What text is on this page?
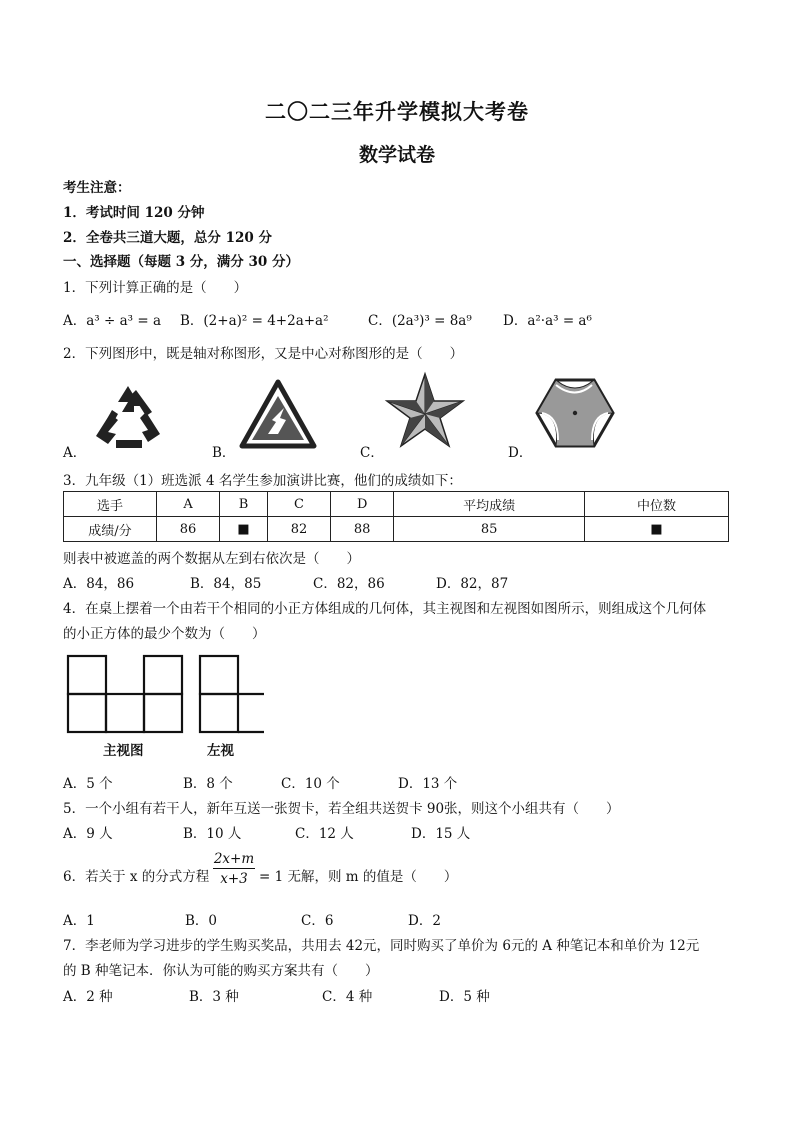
二〇二三年升学模拟大考卷
数学试卷
考生注意：
1．考试时间 120 分钟
2．全卷共三道大题，总分 120 分
一、选择题（每题 3 分，满分 30 分）
1．下列计算正确的是（　　）
A．a³ ÷ a³ = a B．(2+a)² = 4+2a+a²	C．(2a³)³ = 8a⁹ D．a²·a³ = a⁶
2．下列图形中，既是轴对称图形，又是中心对称图形的是（　　）
A．	B．	C．	D．
3．九年级（1）班选派 4 名学生参加演讲比赛，他们的成绩如下：
选手	A	B	C	D	平均成绩	中位数
成绩/分	86	■	82	88	85	■
则表中被遮盖的两个数据从左到右依次是（　　）
A．84，86	B．84，85	C．82，86	D．82，87
4．在桌上摆着一个由若干个相同的小正方体组成的几何体，其主视图和左视图如图所示，则组成这个几何体
的小正方体的最少个数为（　　）
主视图	左视
A．5 个	B．8 个	C．10 个	D．13 个
5．一个小组有若干人，新年互送一张贺卡，若全组共送贺卡 90张，则这个小组共有（　　）
A．9 人	B．10 人	C．12 人	D．15 人
6．若关于 x 的分式方程 $\frac{2x+m}{x+3} = 1$ 无解，则 m 的值是（　　）
A．1	B．0	C．6	D．2
7．李老师为学习进步的学生购买奖品，共用去 42元，同时购买了单价为 6元的 A 种笔记本和单价为 12元
的 B 种笔记本．你认为可能的购买方案共有（　　）
A．2 种	B．3 种	C．4 种	D．5 种
